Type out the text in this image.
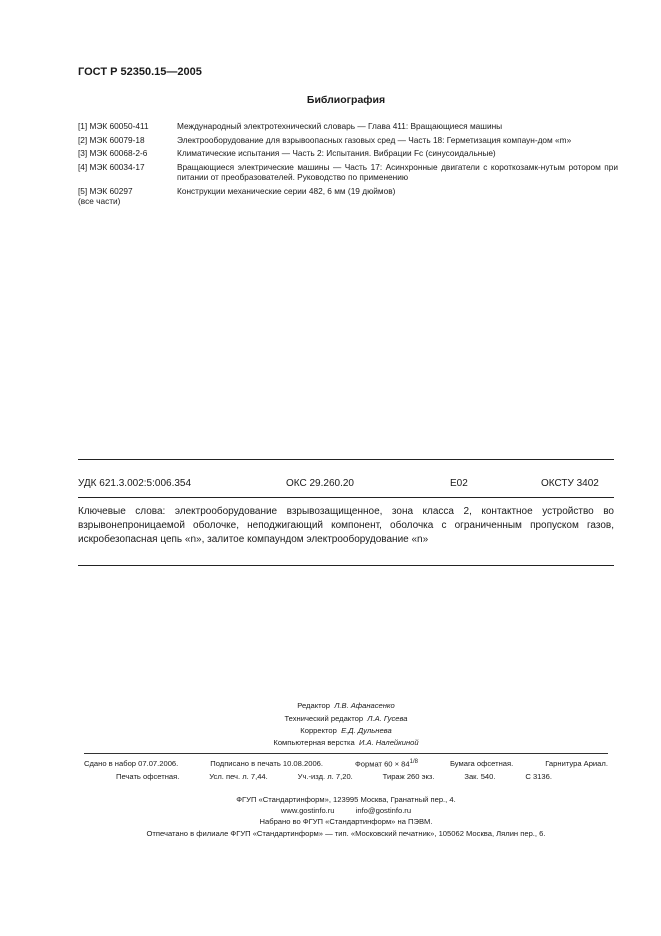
ГОСТ Р 52350.15—2005
Библиография
[1] МЭК 60050-411	Международный электротехнический словарь — Глава 411: Вращающиеся машины
[2] МЭК 60079-18	Электрооборудование для взрывоопасных газовых сред — Часть 18: Герметизация компаун-дом «m»
[3] МЭК 60068-2-6	Климатические испытания — Часть 2: Испытания. Вибрации Fc (синусоидальные)
[4] МЭК 60034-17	Вращающиеся электрические машины — Часть 17: Асинхронные двигатели с короткозамк-нутым ротором при питании от преобразователей. Руководство по применению
[5] МЭК 60297	Конструкции механические серии 482, 6 мм (19 дюймов)
(все части)
УДК 621.3.002:5:006.354	ОКС 29.260.20	Е02	ОКСТУ 3402
Ключевые слова: электрооборудование взрывозащищенное, зона класса 2, контактное устройство во взрывонепроницаемой оболочке, неподжигающий компонент, оболочка с ограниченным пропуском газов, искробезопасная цепь «n», залитое компаундом электрооборудование «n»
Редактор Л.В. Афанасенко
Технический редактор Л.А. Гусева
Корректор Е.Д. Дульнева
Компьютерная верстка И.А. Налейкиной
Сдано в набор 07.07.2006.	Подписано в печать 10.08.2006.	Формат $60 \times 84^{1/8}$	Бумага офсетная.	Гарнитура Ариал.
Печать офсетная.	Усл. печ. л. 7,44.	Уч.-изд. л. 7,20.	Тираж 260 экз.	Зак. 540.	С 3136.
ФГУП «Стандартинформ», 123995 Москва, Гранатный пер., 4.
www.gostinfo.ru	info@gostinfo.ru
Набрано во ФГУП «Стандартинформ» на ПЭВМ.
Отпечатано в филиале ФГУП «Стандартинформ» — тип. «Московский печатник», 105062 Москва, Лялин пер., 6.
